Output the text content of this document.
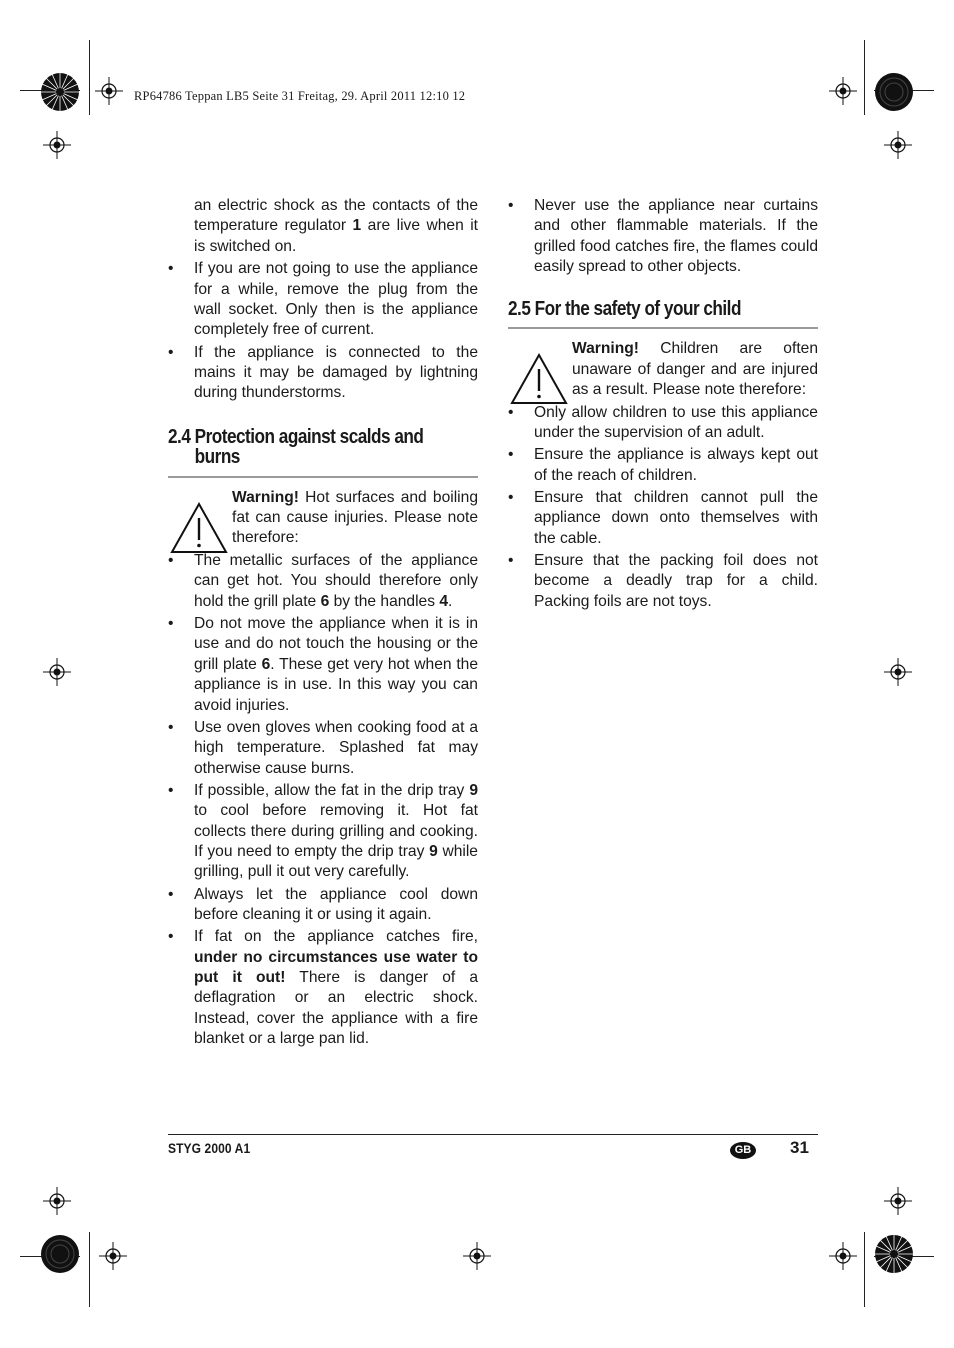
RP64786 Teppan LB5 Seite 31 Freitag, 29. April 2011 12:10 12

an electric shock as the contacts of the temperature regulator 1 are live when it is switched on.

• If you are not going to use the appliance for a while, remove the plug from the wall socket. Only then is the appliance completely free of current.
• If the appliance is connected to the mains it may be damaged by lightning during thunderstorms.
2.4 Protection against scalds and
burns

Warning! Hot surfaces and boiling fat can cause injuries. Please note therefore:

• The metallic surfaces of the appliance can get hot. You should therefore only hold the grill plate 6 by the handles 4.
• Do not move the appliance when it is in use and do not touch the housing or the grill plate 6. These get very hot when the appliance is in use. In this way you can avoid injuries.
• Use oven gloves when cooking food at a high temperature. Splashed fat may otherwise cause burns.
• If possible, allow the fat in the drip tray 9 to cool before removing it. Hot fat collects there during grilling and cooking. If you need to empty the drip tray 9 while grilling, pull it out very carefully.
• Always let the appliance cool down before cleaning it or using it again.
• If fat on the appliance catches fire, under no circumstances use water to put it out! There is danger of a deflagration or an electric shock. Instead, cover the appliance with a fire blanket or a large pan lid.
• Never use the appliance near curtains and other flammable materials. If the grilled food catches fire, the flames could easily spread to other objects.
2.5 For the safety of your child

Warning! Children are often unaware of danger and are injured as a result. Please note therefore:

• Only allow children to use this appliance under the supervision of an adult.
• Ensure the appliance is always kept out of the reach of children.
• Ensure that children cannot pull the appliance down onto themselves with the cable.
• Ensure that the packing foil does not become a deadly trap for a child. Packing foils are not toys.
STYG 2000 A1	GB 31
